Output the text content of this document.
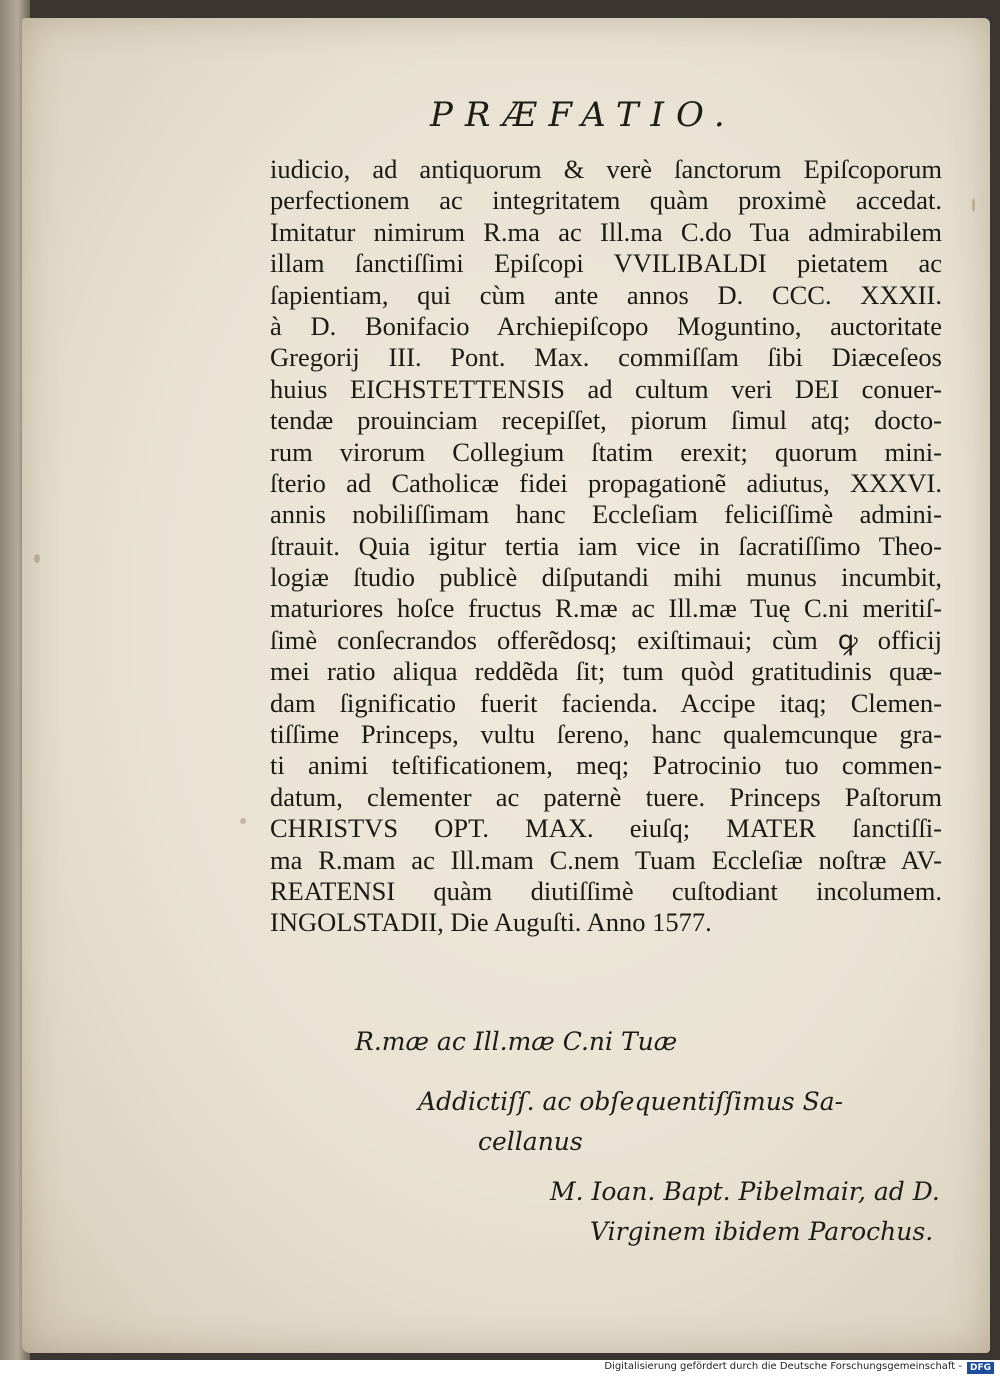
PRÆFATIO.
iudicio, ad antiquorum & verè ſanctorum Epiſcoporum
perfectionem ac integritatem quàm proximè accedat.
Imitatur nimirum R.ma ac Ill.ma C.do Tua admirabilem
illam ſanctiſſimi Epiſcopi VVILIBALDI pietatem ac
ſapientiam, qui cùm ante annos D. CCC. XXXII.
à D. Bonifacio Archiepiſcopo Moguntino, auctoritate
Gregorij III. Pont. Max. commiſſam ſibi Diæceſeos
huius EICHSTETTENSIS ad cultum veri DEI conuer-
tendæ prouinciam recepiſſet, piorum ſimul atq; docto-
rum virorum Collegium ſtatim erexit; quorum mini-
ſterio ad Catholicæ fidei propagationẽ adiutus, XXXVI.
annis nobiliſſimam hanc Eccleſiam feliciſſimè admini-
ſtrauit. Quia igitur tertia iam vice in ſacratiſſimo Theo-
logiæ ſtudio publicè diſputandi mihi munus incumbit,
maturiores hoſce fructus R.mæ ac Ill.mæ Tuę C.ni meritiſ-
ſimè conſecrandos offerẽdosq; exiſtimaui; cùm ꝙ officij
mei ratio aliqua reddẽda ſit; tum quòd gratitudinis quæ-
dam ſignificatio fuerit facienda. Accipe itaq; Clemen-
tiſſime Princeps, vultu ſereno, hanc qualemcunque gra-
ti animi teſtificationem, meq; Patrocinio tuo commen-
datum, clementer ac paternè tuere. Princeps Paſtorum
CHRISTVS OPT. MAX. eiuſq; MATER ſanctiſſi-
ma R.mam ac Ill.mam C.nem Tuam Eccleſiæ noſtræ AV-
REATENSI quàm diutiſſimè cuſtodiant incolumem.
INGOLSTADII, Die Auguſti. Anno 1577.
R.mæ ac Ill.mæ C.ni Tuæ
Addictiſſ. ac obſequentiſſimus Sa-
cellanus
M. Ioan. Bapt. Pibelmair, ad D.
Virginem ibidem Parochus.
Digitalisierung gefördert durch die Deutsche Forschungsgemeinschaft - DFG
